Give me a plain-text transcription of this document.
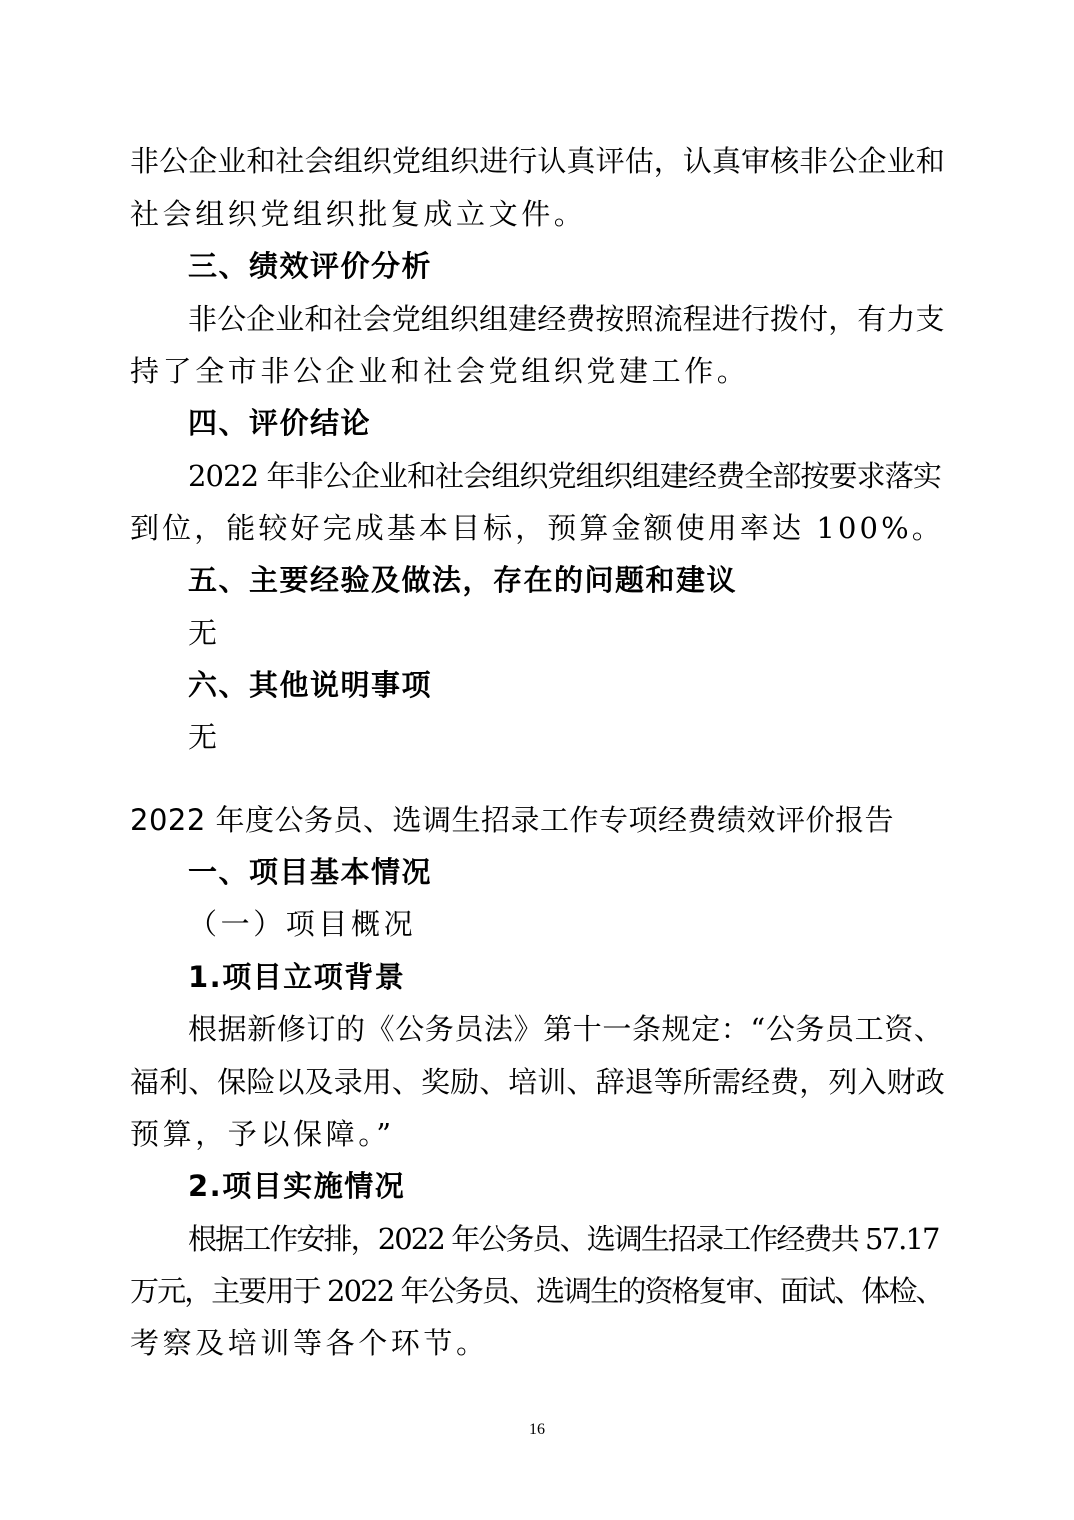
非公企业和社会组织党组织进行认真评估，认真审核非公企业和
社会组织党组织批复成立文件。
三、绩效评价分析
非公企业和社会党组织组建经费按照流程进行拨付，有力支
持了全市非公企业和社会党组织党建工作。
四、评价结论
2022 年非公企业和社会组织党组织组建经费全部按要求落实
到位，能较好完成基本目标，预算金额使用率达 100%。
五、主要经验及做法，存在的问题和建议
无
六、其他说明事项
无
2022 年度公务员、选调生招录工作专项经费绩效评价报告
一、项目基本情况
（一）项目概况
1.项目立项背景
根据新修订的《公务员法》第十一条规定：“公务员工资、
福利、保险以及录用、奖励、培训、辞退等所需经费，列入财政
预算，予以保障。”
2.项目实施情况
根据工作安排，2022 年公务员、选调生招录工作经费共 57.17
万元，主要用于 2022 年公务员、选调生的资格复审、面试、体检、
考察及培训等各个环节。
16
